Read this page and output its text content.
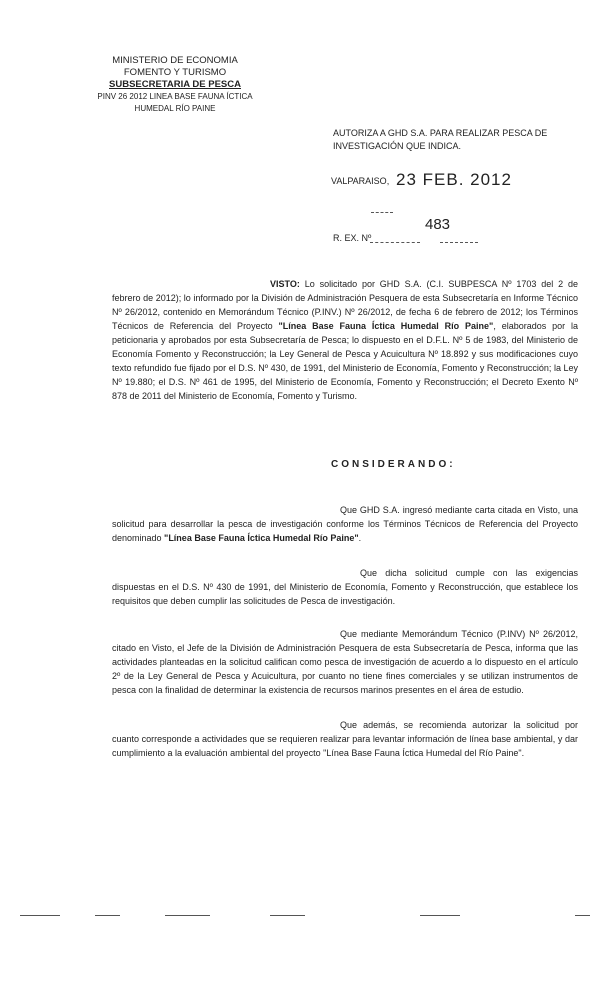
MINISTERIO DE ECONOMIA
FOMENTO Y TURISMO
SUBSECRETARIA DE PESCA
PINV 26 2012 LINEA BASE FAUNA ÍCTICA
HUMEDAL RÍO PAINE
AUTORIZA A GHD S.A. PARA REALIZAR PESCA DE INVESTIGACIÓN QUE INDICA.
VALPARAISO, 23 FEB. 2012
483
R. EX. Nº
VISTO: Lo solicitado por GHD S.A. (C.I. SUBPESCA Nº 1703 del 2 de febrero de 2012); lo informado por la División de Administración Pesquera de esta Subsecretaría en Informe Técnico Nº 26/2012, contenido en Memorándum Técnico (P.INV.) Nº 26/2012, de fecha 6 de febrero de 2012; los Términos Técnicos de Referencia del Proyecto "Línea Base Fauna Íctica Humedal Río Paine", elaborados por la peticionaria y aprobados por esta Subsecretaría de Pesca; lo dispuesto en el D.F.L. Nº 5 de 1983, del Ministerio de Economía Fomento y Reconstrucción; la Ley General de Pesca y Acuicultura Nº 18.892 y sus modificaciones cuyo texto refundido fue fijado por el D.S. Nº 430, de 1991, del Ministerio de Economía, Fomento y Reconstrucción; la Ley Nº 19.880; el D.S. Nº 461 de 1995, del Ministerio de Economía, Fomento y Reconstrucción; el Decreto Exento Nº 878 de 2011 del Ministerio de Economía, Fomento y Turismo.
CONSIDERANDO:
Que GHD S.A. ingresó mediante carta citada en Visto, una solicitud para desarrollar la pesca de investigación conforme los Términos Técnicos de Referencia del Proyecto denominado "Línea Base Fauna Íctica Humedal Río Paine".
Que dicha solicitud cumple con las exigencias dispuestas en el D.S. Nº 430 de 1991, del Ministerio de Economía, Fomento y Reconstrucción, que establece los requisitos que deben cumplir las solicitudes de Pesca de investigación.
Que mediante Memorándum Técnico (P.INV) Nº 26/2012, citado en Visto, el Jefe de la División de Administración Pesquera de esta Subsecretaría de Pesca, informa que las actividades planteadas en la solicitud califican como pesca de investigación de acuerdo a lo dispuesto en el artículo 2º de la Ley General de Pesca y Acuicultura, por cuanto no tiene fines comerciales y se utilizan instrumentos de pesca con la finalidad de determinar la existencia de recursos marinos presentes en el área de estudio.
Que además, se recomienda autorizar la solicitud por cuanto corresponde a actividades que se requieren realizar para levantar información de línea base ambiental, y dar cumplimiento a la evaluación ambiental del proyecto "Línea Base Fauna Íctica Humedal del Río Paine".
